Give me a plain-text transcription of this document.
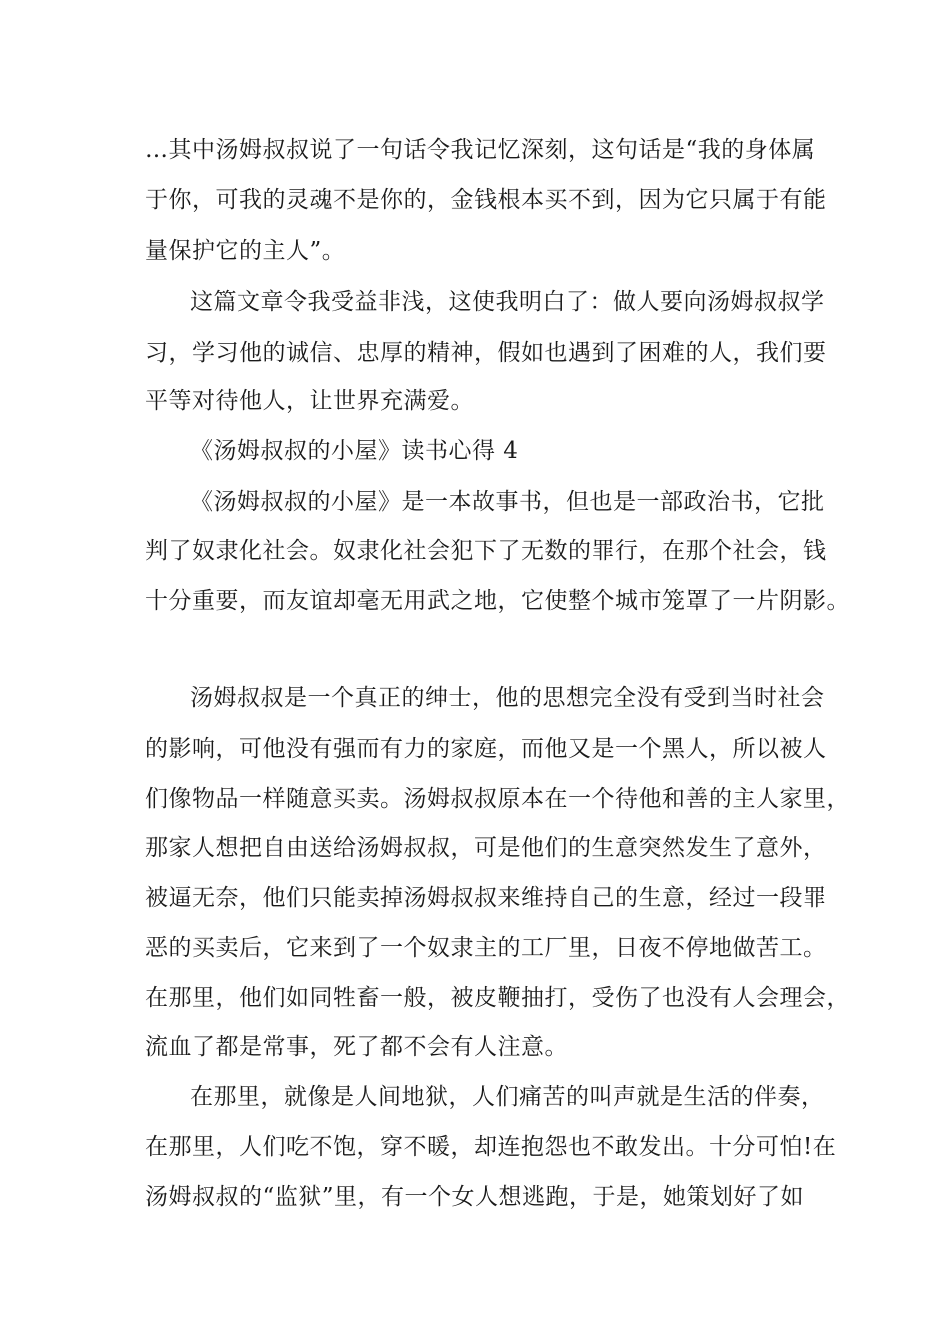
…其中汤姆叔叔说了一句话令我记忆深刻，这句话是“我的身体属
于你，可我的灵魂不是你的，金钱根本买不到，因为它只属于有能
量保护它的主人”。
这篇文章令我受益非浅，这使我明白了：做人要向汤姆叔叔学
习，学习他的诚信、忠厚的精神，假如也遇到了困难的人，我们要
平等对待他人，让世界充满爱。
《汤姆叔叔的小屋》读书心得 4
《汤姆叔叔的小屋》是一本故事书，但也是一部政治书，它批
判了奴隶化社会。奴隶化社会犯下了无数的罪行，在那个社会，钱
十分重要，而友谊却毫无用武之地，它使整个城市笼罩了一片阴影。
汤姆叔叔是一个真正的绅士，他的思想完全没有受到当时社会
的影响，可他没有强而有力的家庭，而他又是一个黑人，所以被人
们像物品一样随意买卖。汤姆叔叔原本在一个待他和善的主人家里，
那家人想把自由送给汤姆叔叔，可是他们的生意突然发生了意外，
被逼无奈，他们只能卖掉汤姆叔叔来维持自己的生意，经过一段罪
恶的买卖后，它来到了一个奴隶主的工厂里，日夜不停地做苦工。
在那里，他们如同牲畜一般，被皮鞭抽打，受伤了也没有人会理会，
流血了都是常事，死了都不会有人注意。
在那里，就像是人间地狱，人们痛苦的叫声就是生活的伴奏，
在那里，人们吃不饱，穿不暖，却连抱怨也不敢发出。十分可怕!在
汤姆叔叔的“监狱”里，有一个女人想逃跑，于是，她策划好了如
